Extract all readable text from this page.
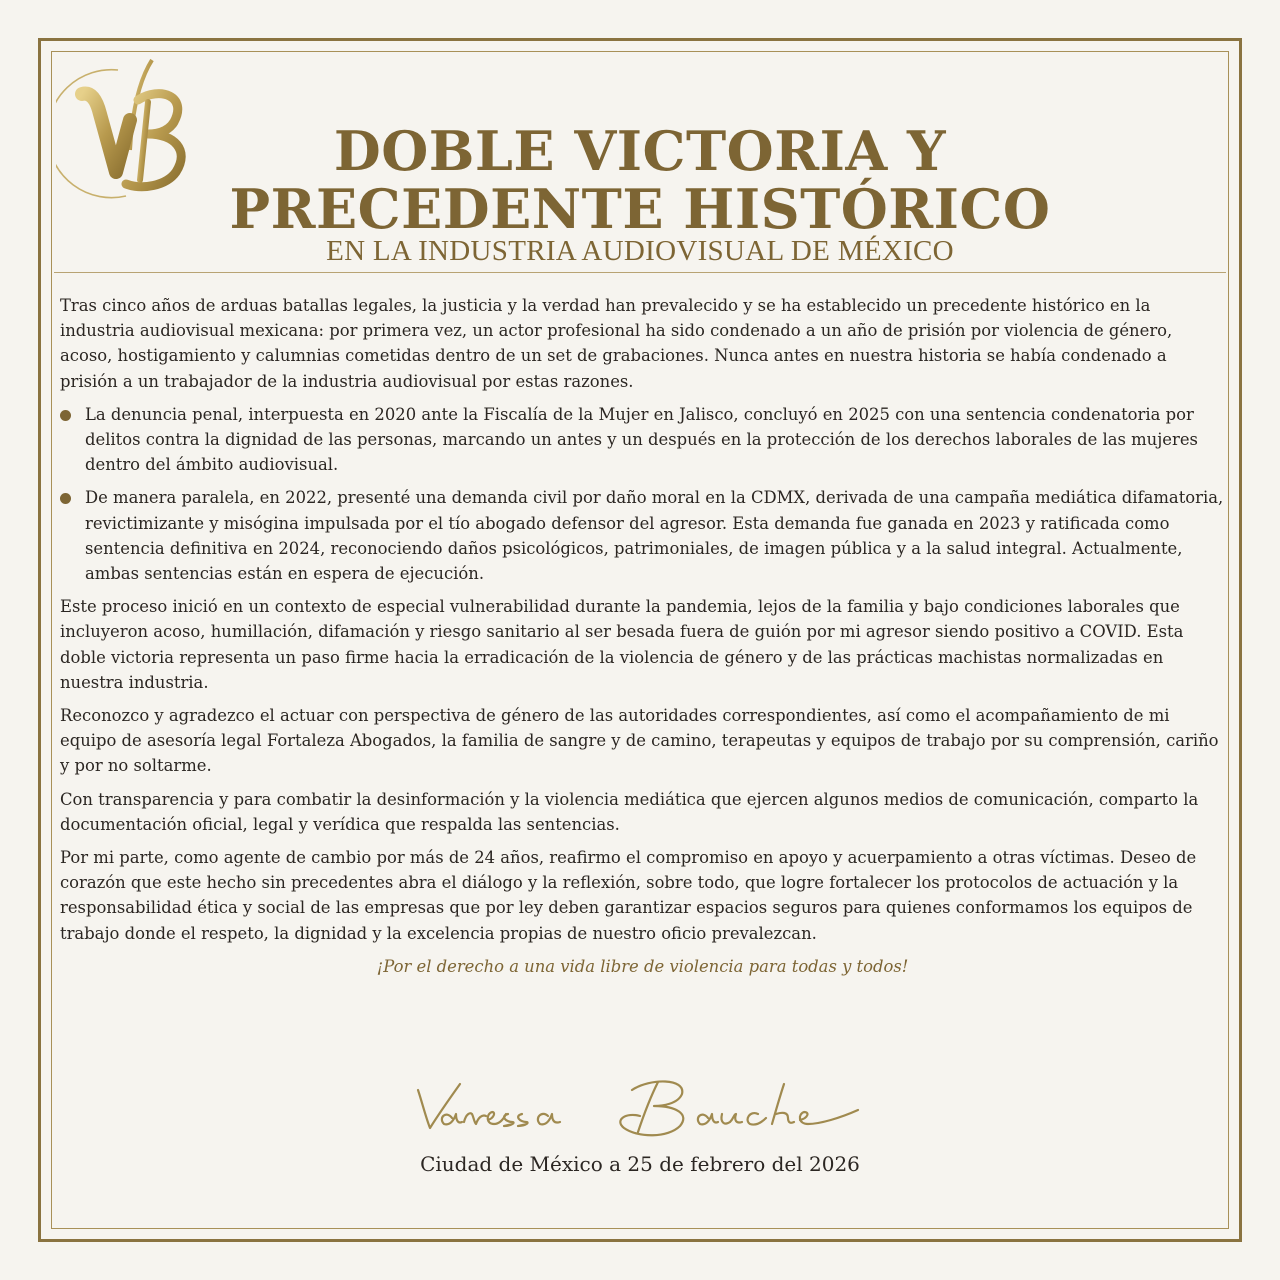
DOBLE VICTORIA Y
PRECEDENTE HISTÓRICO
EN LA INDUSTRIA AUDIOVISUAL DE MÉXICO

Tras cinco años de arduas batallas legales, la justicia y la verdad han prevalecido y se ha establecido un precedente histórico en la industria audiovisual mexicana: por primera vez, un actor profesional ha sido condenado a un año de prisión por violencia de género, acoso, hostigamiento y calumnias cometidas dentro de un set de grabaciones. Nunca antes en nuestra historia se había condenado a prisión a un trabajador de la industria audiovisual por estas razones.

La denuncia penal, interpuesta en 2020 ante la Fiscalía de la Mujer en Jalisco, concluyó en 2025 con una sentencia condenatoria por delitos contra la dignidad de las personas, marcando un antes y un después en la protección de los derechos laborales de las mujeres dentro del ámbito audiovisual.
De manera paralela, en 2022, presenté una demanda civil por daño moral en la CDMX, derivada de una campaña mediática difamatoria, revictimizante y misógina impulsada por el tío abogado defensor del agresor. Esta demanda fue ganada en 2023 y ratificada como sentencia definitiva en 2024, reconociendo daños psicológicos, patrimoniales, de imagen pública y a la salud integral. Actualmente, ambas sentencias están en espera de ejecución.

Este proceso inició en un contexto de especial vulnerabilidad durante la pandemia, lejos de la familia y bajo condiciones laborales que incluyeron acoso, humillación, difamación y riesgo sanitario al ser besada fuera de guión por mi agresor siendo positivo a COVID. Esta doble victoria representa un paso firme hacia la erradicación de la violencia de género y de las prácticas machistas normalizadas en nuestra industria.

Reconozco y agradezco el actuar con perspectiva de género de las autoridades correspondientes, así como el acompañamiento de mi equipo de asesoría legal Fortaleza Abogados, la familia de sangre y de camino, terapeutas y equipos de trabajo por su comprensión, cariño y por no soltarme.

Con transparencia y para combatir la desinformación y la violencia mediática que ejercen algunos medios de comunicación, comparto la documentación oficial, legal y verídica que respalda las sentencias.

Por mi parte, como agente de cambio por más de 24 años, reafirmo el compromiso en apoyo y acuerpamiento a otras víctimas. Deseo de corazón que este hecho sin precedentes abra el diálogo y la reflexión, sobre todo, que logre fortalecer los protocolos de actuación y la responsabilidad ética y social de las empresas que por ley deben garantizar espacios seguros para quienes conformamos los equipos de trabajo donde el respeto, la dignidad y la excelencia propias de nuestro oficio prevalezcan.

¡Por el derecho a una vida libre de violencia para todas y todos!

Ciudad de México a 25 de febrero del 2026
